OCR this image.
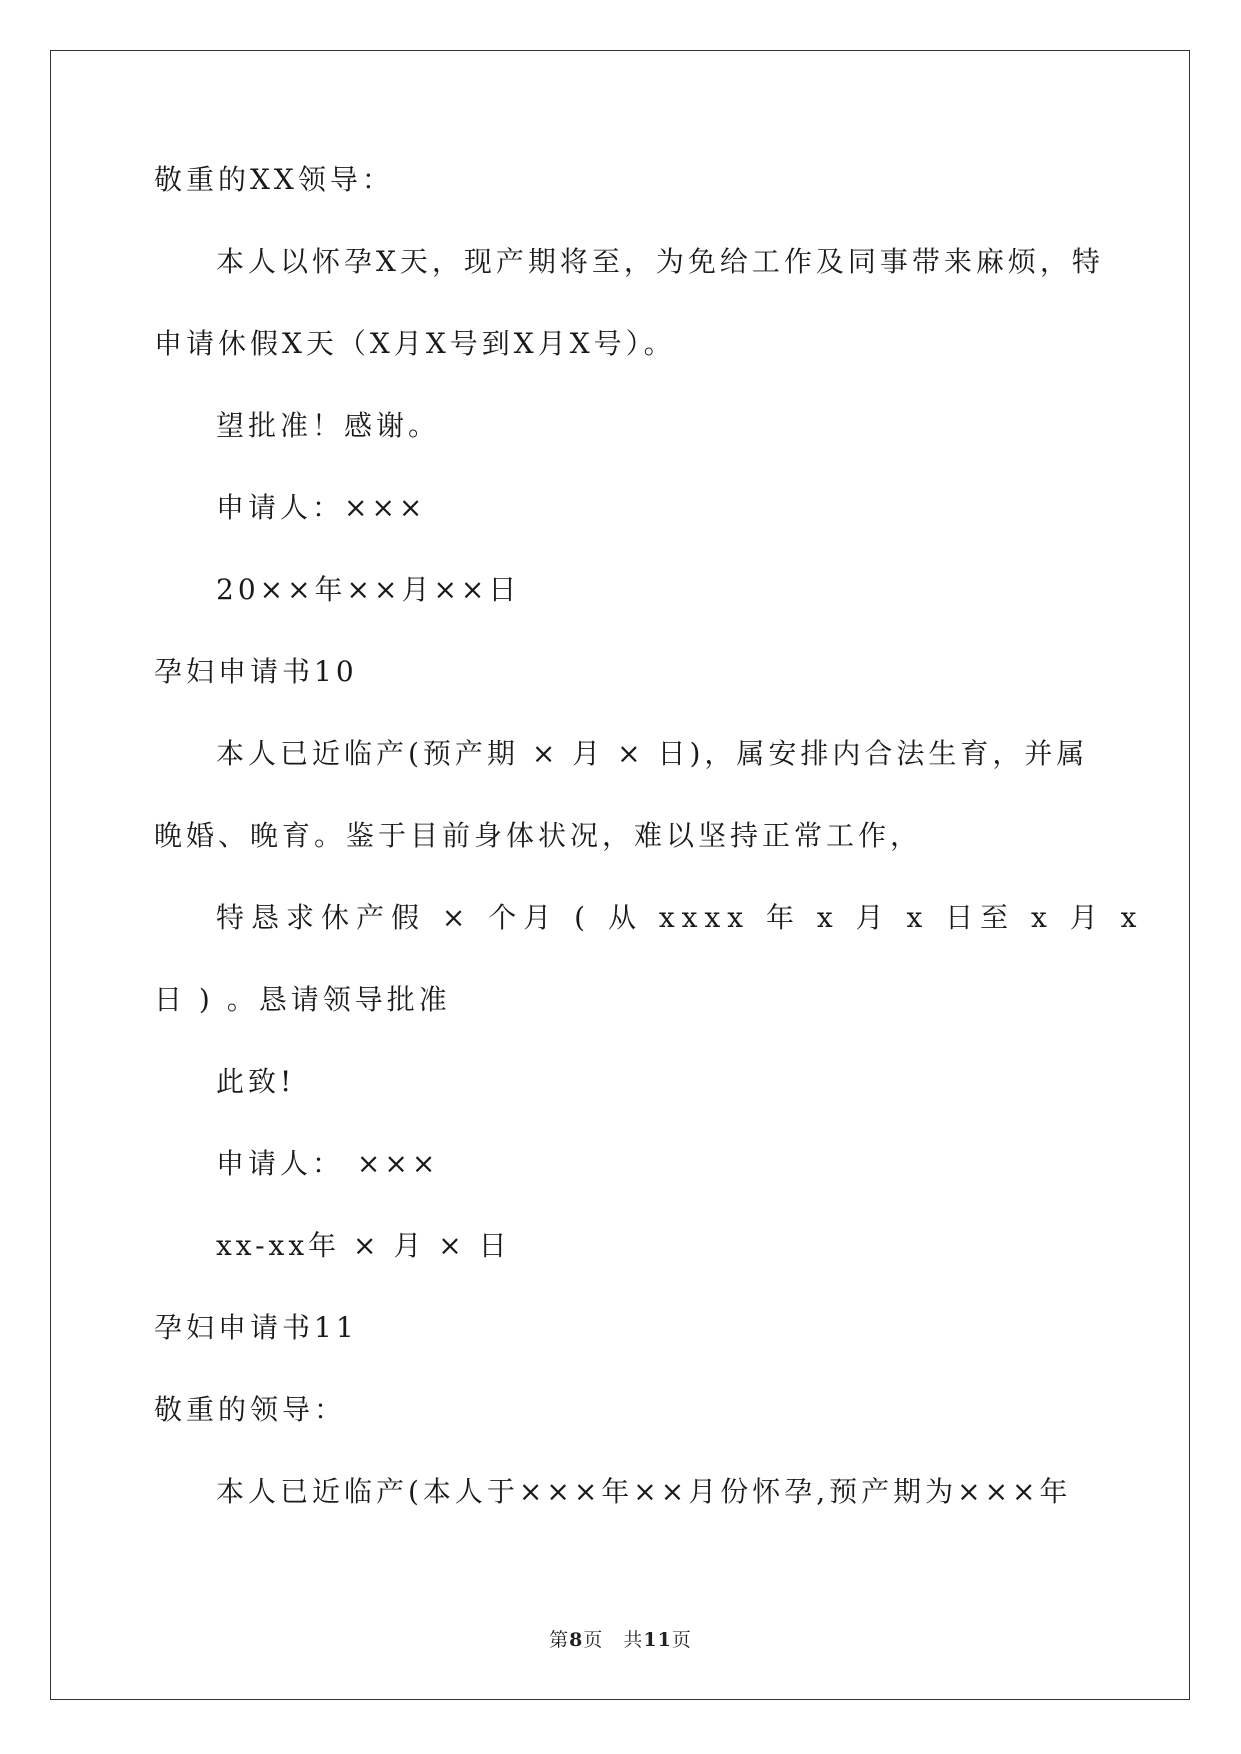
敬重的XX领导：
本人以怀孕X天，现产期将至，为免给工作及同事带来麻烦，特
申请休假X天（X月X号到X月X号）。
望批准！感谢。
申请人：×××
20××年××月××日
孕妇申请书10
本人已近临产(预产期 × 月 × 日)，属安排内合法生育，并属
晚婚、晚育。鉴于目前身体状况，难以坚持正常工作，
特恳求休产假 × 个月 ( 从 xxxx 年 x 月 x 日至 x 月 x
日 ) 。恳请领导批准
此致!
申请人： ×××
xx-xx年 × 月 × 日
孕妇申请书11
敬重的领导：
本人已近临产(本人于×××年××月份怀孕,预产期为×××年
第8页　共11页
